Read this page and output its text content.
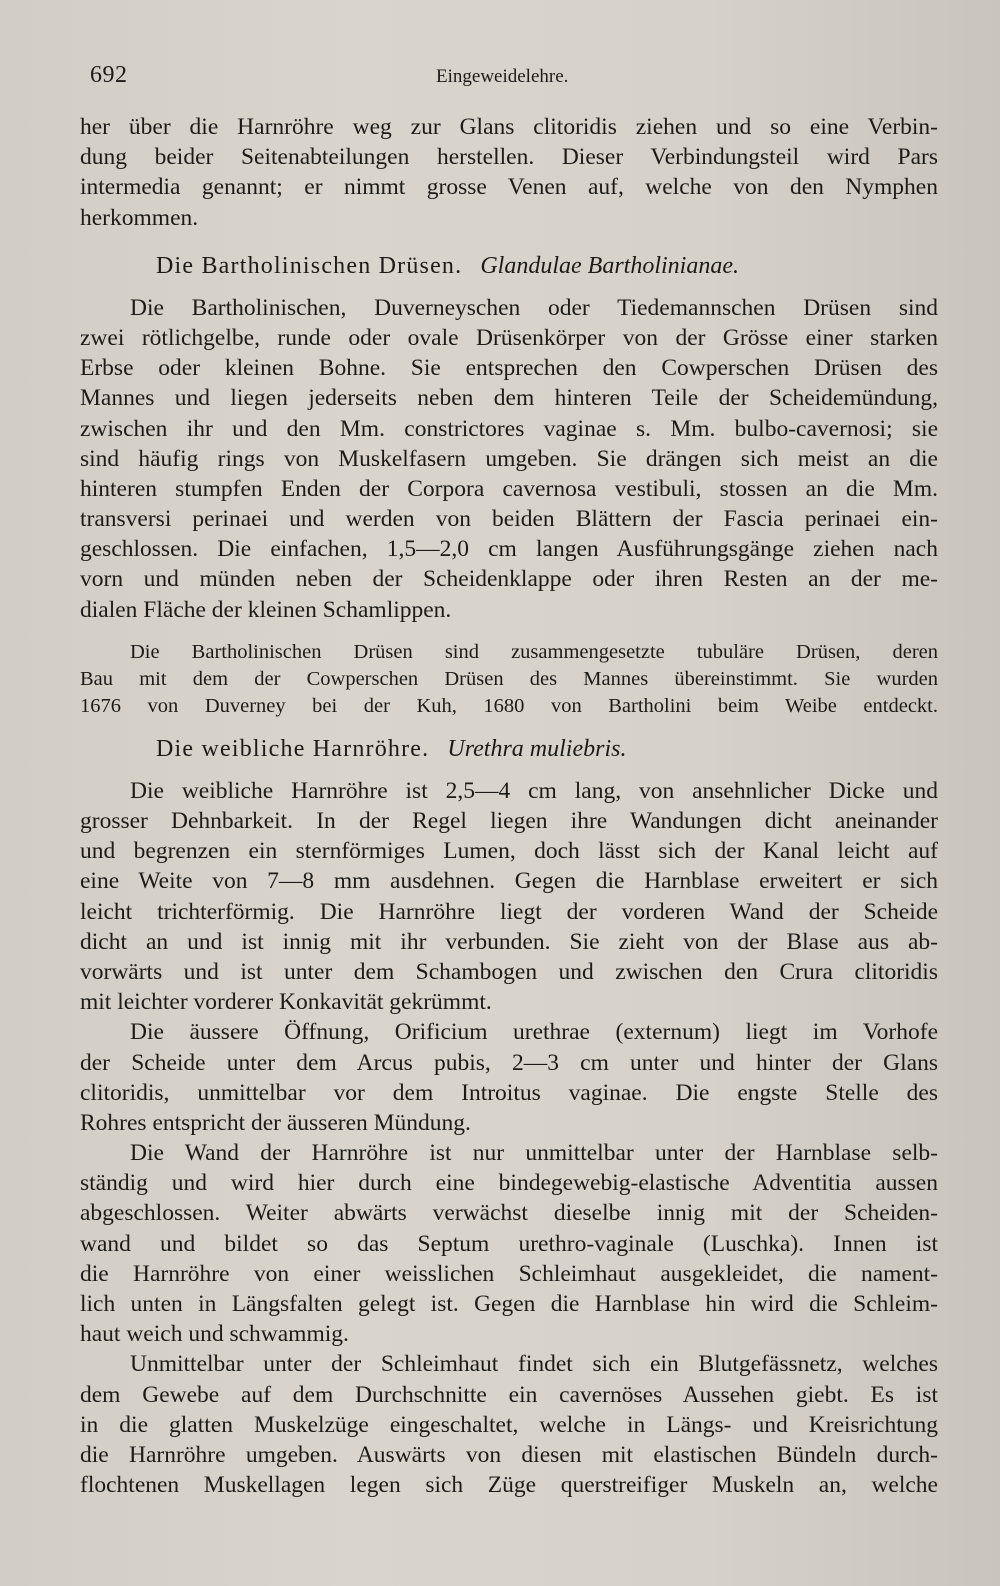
692	Eingeweidelehre.
her über die Harnröhre weg zur Glans clitoridis ziehen und so eine Verbin-
dung beider Seitenabteilungen herstellen. Dieser Verbindungsteil wird Pars
intermedia genannt; er nimmt grosse Venen auf, welche von den Nymphen
herkommen.
Die Bartholinischen Drüsen. Glandulae Bartholinianae.
Die Bartholinischen, Duverneyschen oder Tiedemannschen Drüsen sind
zwei rötlichgelbe, runde oder ovale Drüsenkörper von der Grösse einer starken
Erbse oder kleinen Bohne. Sie entsprechen den Cowperschen Drüsen des
Mannes und liegen jederseits neben dem hinteren Teile der Scheidemündung,
zwischen ihr und den Mm. constrictores vaginae s. Mm. bulbo-cavernosi; sie
sind häufig rings von Muskelfasern umgeben. Sie drängen sich meist an die
hinteren stumpfen Enden der Corpora cavernosa vestibuli, stossen an die Mm.
transversi perinaei und werden von beiden Blättern der Fascia perinaei ein-
geschlossen. Die einfachen, 1,5—2,0 cm langen Ausführungsgänge ziehen nach
vorn und münden neben der Scheidenklappe oder ihren Resten an der me-
dialen Fläche der kleinen Schamlippen.
Die Bartholinischen Drüsen sind zusammengesetzte tubuläre Drüsen, deren
Bau mit dem der Cowperschen Drüsen des Mannes übereinstimmt. Sie wurden
1676 von Duverney bei der Kuh, 1680 von Bartholini beim Weibe entdeckt.
Die weibliche Harnröhre. Urethra muliebris.
Die weibliche Harnröhre ist 2,5—4 cm lang, von ansehnlicher Dicke und
grosser Dehnbarkeit. In der Regel liegen ihre Wandungen dicht aneinander
und begrenzen ein sternförmiges Lumen, doch lässt sich der Kanal leicht auf
eine Weite von 7—8 mm ausdehnen. Gegen die Harnblase erweitert er sich
leicht trichterförmig. Die Harnröhre liegt der vorderen Wand der Scheide
dicht an und ist innig mit ihr verbunden. Sie zieht von der Blase aus ab-
vorwärts und ist unter dem Schambogen und zwischen den Crura clitoridis
mit leichter vorderer Konkavität gekrümmt.
Die äussere Öffnung, Orificium urethrae (externum) liegt im Vorhofe
der Scheide unter dem Arcus pubis, 2—3 cm unter und hinter der Glans
clitoridis, unmittelbar vor dem Introitus vaginae. Die engste Stelle des
Rohres entspricht der äusseren Mündung.
Die Wand der Harnröhre ist nur unmittelbar unter der Harnblase selb-
ständig und wird hier durch eine bindegewebig-elastische Adventitia aussen
abgeschlossen. Weiter abwärts verwächst dieselbe innig mit der Scheiden-
wand und bildet so das Septum urethro-vaginale (Luschka). Innen ist
die Harnröhre von einer weisslichen Schleimhaut ausgekleidet, die nament-
lich unten in Längsfalten gelegt ist. Gegen die Harnblase hin wird die Schleim-
haut weich und schwammig.
Unmittelbar unter der Schleimhaut findet sich ein Blutgefässnetz, welches
dem Gewebe auf dem Durchschnitte ein cavernöses Aussehen giebt. Es ist
in die glatten Muskelzüge eingeschaltet, welche in Längs- und Kreisrichtung
die Harnröhre umgeben. Auswärts von diesen mit elastischen Bündeln durch-
flochtenen Muskellagen legen sich Züge querstreifiger Muskeln an, welche
